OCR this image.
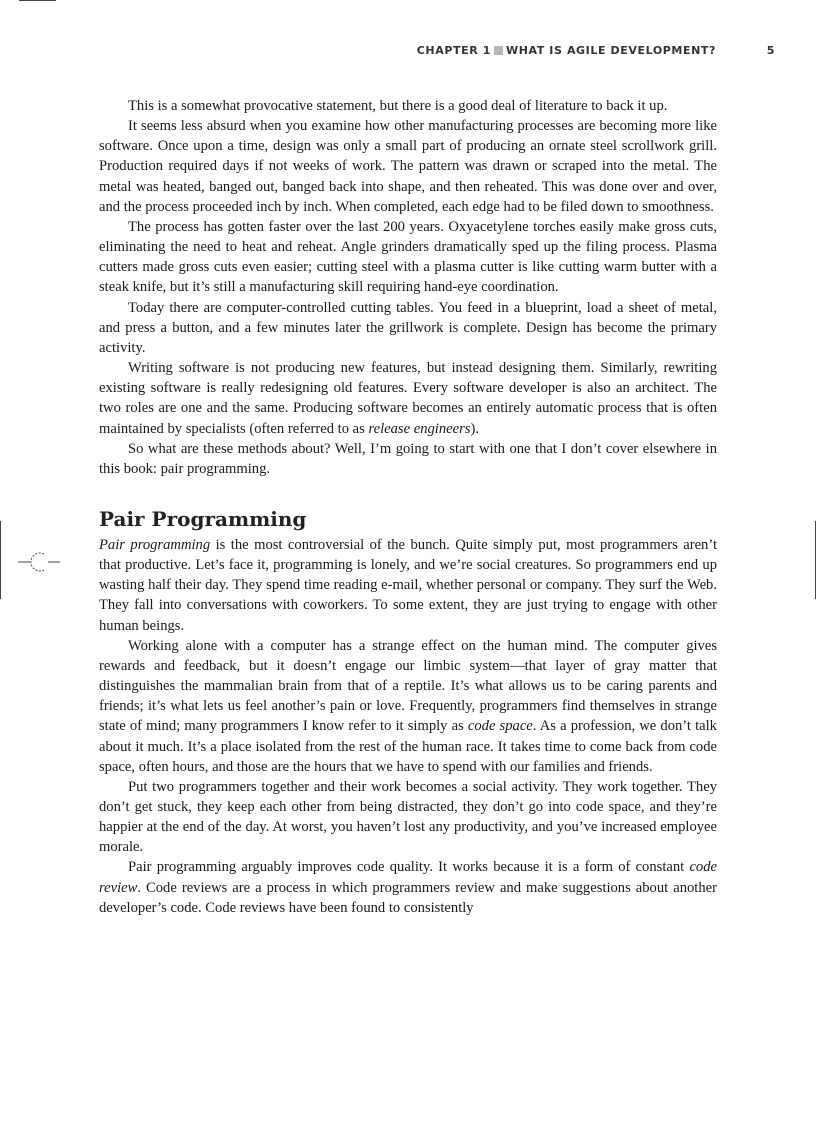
CHAPTER 1 WHAT IS AGILE DEVELOPMENT?	5

This is a somewhat provocative statement, but there is a good deal of literature to back it up.

It seems less absurd when you examine how other manufacturing processes are becoming more like software. Once upon a time, design was only a small part of producing an ornate steel scrollwork grill. Production required days if not weeks of work. The pattern was drawn or scraped into the metal. The metal was heated, banged out, banged back into shape, and then reheated. This was done over and over, and the process proceeded inch by inch. When completed, each edge had to be filed down to smoothness.

The process has gotten faster over the last 200 years. Oxyacetylene torches easily make gross cuts, eliminating the need to heat and reheat. Angle grinders dramatically sped up the filing process. Plasma cutters made gross cuts even easier; cutting steel with a plasma cutter is like cutting warm butter with a steak knife, but it’s still a manufacturing skill requiring hand-eye coordination.

Today there are computer-controlled cutting tables. You feed in a blueprint, load a sheet of metal, and press a button, and a few minutes later the grillwork is complete. Design has become the primary activity.

Writing software is not producing new features, but instead designing them. Similarly, rewriting existing software is really redesigning old features. Every software developer is also an architect. The two roles are one and the same. Producing software becomes an entirely automatic process that is often maintained by specialists (often referred to as release engineers).

So what are these methods about? Well, I’m going to start with one that I don’t cover elsewhere in this book: pair programming.

Pair Programming

Pair programming is the most controversial of the bunch. Quite simply put, most programmers aren’t that productive. Let’s face it, programming is lonely, and we’re social creatures. So programmers end up wasting half their day. They spend time reading e-mail, whether personal or company. They surf the Web. They fall into conversations with coworkers. To some extent, they are just trying to engage with other human beings.

Working alone with a computer has a strange effect on the human mind. The computer gives rewards and feedback, but it doesn’t engage our limbic system—that layer of gray matter that distinguishes the mammalian brain from that of a reptile. It’s what allows us to be caring parents and friends; it’s what lets us feel another’s pain or love. Frequently, programmers find themselves in strange state of mind; many programmers I know refer to it simply as code space. As a profession, we don’t talk about it much. It’s a place isolated from the rest of the human race. It takes time to come back from code space, often hours, and those are the hours that we have to spend with our families and friends.

Put two programmers together and their work becomes a social activity. They work together. They don’t get stuck, they keep each other from being distracted, they don’t go into code space, and they’re happier at the end of the day. At worst, you haven’t lost any productivity, and you’ve increased employee morale.

Pair programming arguably improves code quality. It works because it is a form of constant code review. Code reviews are a process in which programmers review and make suggestions about another developer’s code. Code reviews have been found to consistently
